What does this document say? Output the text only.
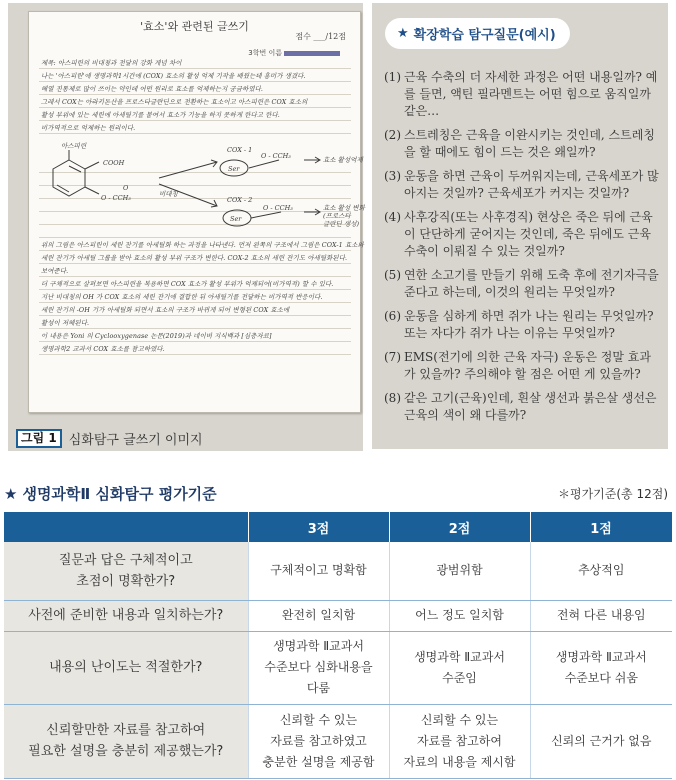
'효소'와 관련된 글쓰기
점수 ___/12점
3학번 이름
제목: 아스피린의 비대칭과 전달의 강화 개념 차이
나는 '아스피린'에 생명과학1시간에 (COX) 효소의 활성 억제 기작을 배웠는데 흥미가 생겼다.
해열 진통제로 많이 쓰이는 약인데 어떤 원리로 효소를 억제하는지 궁금하였다.
그래서 COX는 아라키돈산을 프로스타글란딘으로 전환하는 효소이고 아스피린은 COX 효소의
활성 부위에 있는 세린에 아세틸기를 붙여서 효소가 기능을 하지 못하게 한다고 한다.
비가역적으로 억제하는 원리이다.
위의 그림은 아스피린이 세린 잔기를 아세틸화 하는 과정을 나타낸다. 먼저 왼쪽의 구조에서 그림은 COX-1 효소와
세린 잔기가 아세틸 그룹을 받아 효소의 활성 부위 구조가 변한다. COX-2 효소의 세린 잔기도 아세틸화된다.
보여준다.
더 구체적으로 살펴보면 아스피린을 복용하면 COX 효소가 활성 부위가 억제되어(비가역적) 할 수 있다.
지난 비대칭의 OH 가 COX 효소의 세린 잔기에 결합한 뒤 아세틸기를 전달하는 비가역적 반응이다.
세린 잔기의 -OH 기가 아세틸화 되면서 효소의 구조가 바뀌게 되어 변형된 COX 효소에
활성이 저해된다.
이 내용은 Yoni 의 Cyclooxygenase 논문(2019)과 네이버 지식백과 [심층자료]
생명과학2 교과서 COX 효소를 참고하였다.
아스피린
COOH
O - CCH₃
O
비대칭
COX - 1
Ser
O - CCH₃	효소 활성억제
COX - 2
Ser
O - CCH₃	효소 활성 변화
(프로스타
글란딘 생성)
그림 1 심화탐구 글쓰기 이미지
★ 확장학습 탐구질문(예시)
(1) 근육 수축의 더 자세한 과정은 어떤 내용일까? 예를 들면, 액틴 필라멘트는 어떤 힘으로 움직일까같은…
(2) 스트레칭은 근육을 이완시키는 것인데, 스트레칭을 할 때에도 힘이 드는 것은 왜일까?
(3) 운동을 하면 근육이 두꺼워지는데, 근육세포가 많아지는 것일까? 근육세포가 커지는 것일까?
(4) 사후강직(또는 사후경직) 현상은 죽은 뒤에 근육이 단단하게 굳어지는 것인데, 죽은 뒤에도 근육 수축이 이뤄질 수 있는 것일까?
(5) 연한 소고기를 만들기 위해 도축 후에 전기자극을 준다고 하는데, 이것의 원리는 무엇일까?
(6) 운동을 심하게 하면 쥐가 나는 원리는 무엇일까? 또는 자다가 쥐가 나는 이유는 무엇일까?
(7) EMS(전기에 의한 근육 자극) 운동은 정말 효과가 있을까? 주의해야 할 점은 어떤 게 있을까?
(8) 같은 고기(근육)인데, 흰살 생선과 붉은살 생선은 근육의 색이 왜 다를까?
★ 생명과학Ⅱ 심화탐구 평가기준	＊평가기준(총 12점)
	3점	2점	1점
질문과 답은 구체적이고
초점이 명확한가?	구체적이고 명확함	광범위함	추상적임
사전에 준비한 내용과 일치하는가?	완전히 일치함	어느 정도 일치함	전혀 다른 내용임
내용의 난이도는 적절한가?	생명과학 Ⅱ교과서
수준보다 심화내용을
다룸	생명과학 Ⅱ교과서
수준임	생명과학 Ⅱ교과서
수준보다 쉬움
신뢰할만한 자료를 참고하여
필요한 설명을 충분히 제공했는가?	신뢰할 수 있는
자료를 참고하였고
충분한 설명을 제공함	신뢰할 수 있는
자료를 참고하여
자료의 내용을 제시함	신뢰의 근거가 없음
